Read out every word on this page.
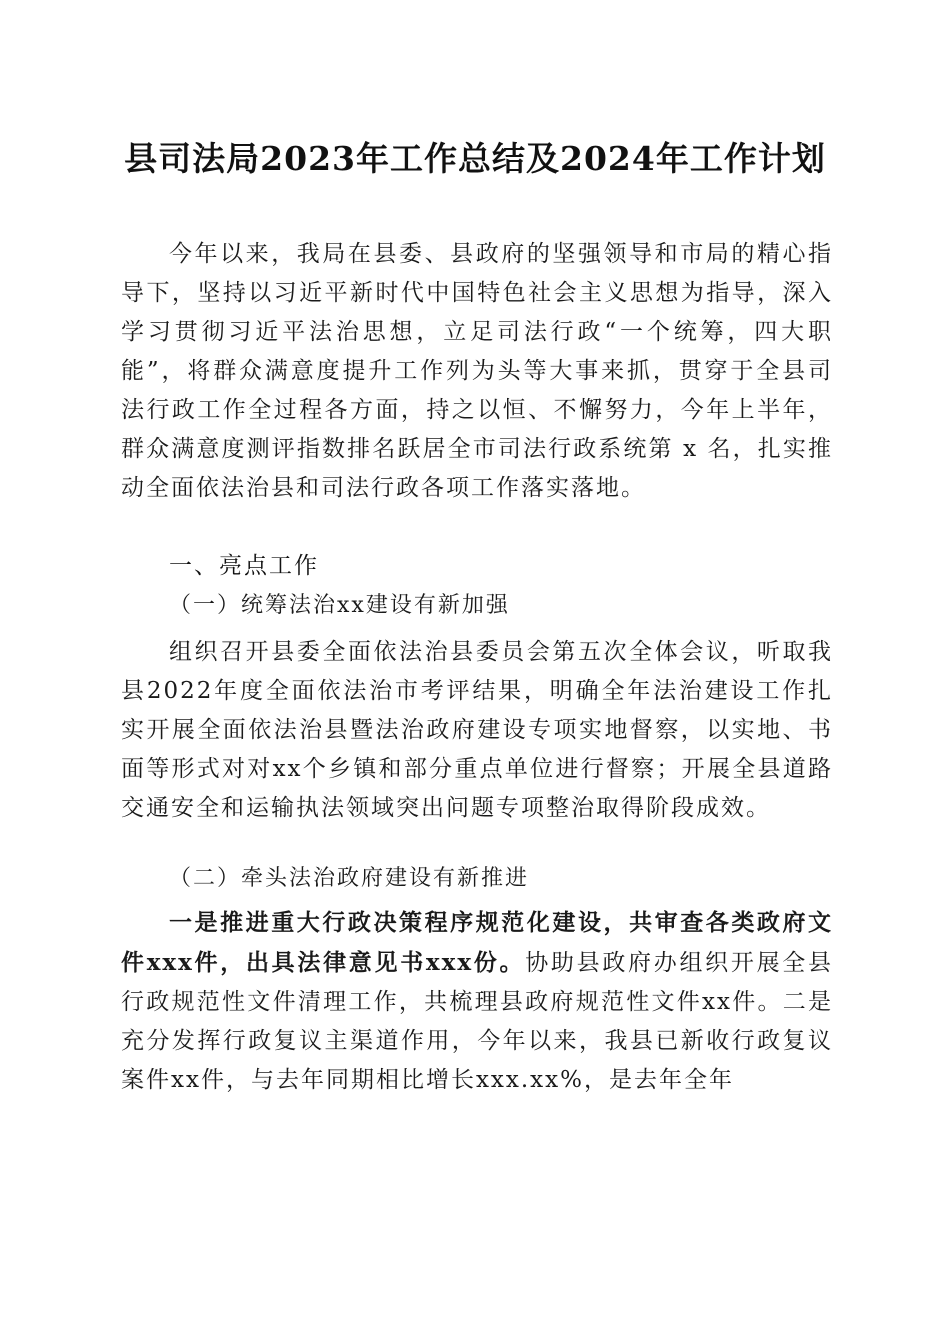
县司法局2023年工作总结及2024年工作计划

今年以来，我局在县委、县政府的坚强领导和市局的精心指导下，坚持以习近平新时代中国特色社会主义思想为指导，深入学习贯彻习近平法治思想，立足司法行政“一个统筹，四大职能”，将群众满意度提升工作列为头等大事来抓，贯穿于全县司法行政工作全过程各方面，持之以恒、不懈努力，今年上半年，群众满意度测评指数排名跃居全市司法行政系统第 x 名，扎实推动全面依法治县和司法行政各项工作落实落地。

一、亮点工作
（一）统筹法治xx建设有新加强

组织召开县委全面依法治县委员会第五次全体会议，听取我县2022年度全面依法治市考评结果，明确全年法治建设工作扎实开展全面依法治县暨法治政府建设专项实地督察，以实地、书面等形式对对xx个乡镇和部分重点单位进行督察；开展全县道路交通安全和运输执法领域突出问题专项整治取得阶段成效。

（二）牵头法治政府建设有新推进

一是推进重大行政决策程序规范化建设，共审查各类政府文件xxx件，出具法律意见书xxx份。协助县政府办组织开展全县行政规范性文件清理工作，共梳理县政府规范性文件xx件。二是充分发挥行政复议主渠道作用，今年以来，我县已新收行政复议案件xx件，与去年同期相比增长xxx.xx%，是去年全年
